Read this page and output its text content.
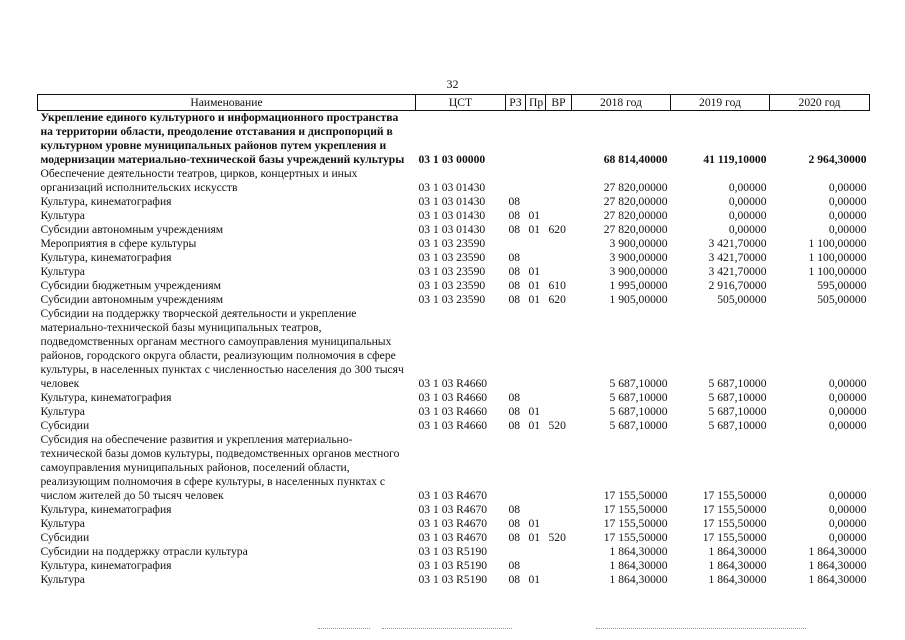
32
Наименование	ЦСТ	РЗ	Пр	ВР	2018 год	2019 год	2020 год
Укрепление единого культурного и информационного пространства на территории области, преодоление отставания и диспропорций в культурном уровне муниципальных районов путем укрепления и модернизации материально-технической базы учреждений культуры	03 1 03 00000				68 814,40000	41 119,10000	2 964,30000
Обеспечение деятельности театров, цирков, концертных и иных организаций исполнительских искусств	03 1 03 01430				27 820,00000	0,00000	0,00000
Культура, кинематография	03 1 03 01430	08			27 820,00000	0,00000	0,00000
Культура	03 1 03 01430	08	01		27 820,00000	0,00000	0,00000
Субсидии автономным учреждениям	03 1 03 01430	08	01	620	27 820,00000	0,00000	0,00000
Мероприятия в сфере культуры	03 1 03 23590				3 900,00000	3 421,70000	1 100,00000
Культура, кинематография	03 1 03 23590	08			3 900,00000	3 421,70000	1 100,00000
Культура	03 1 03 23590	08	01		3 900,00000	3 421,70000	1 100,00000
Субсидии бюджетным учреждениям	03 1 03 23590	08	01	610	1 995,00000	2 916,70000	595,00000
Субсидии автономным учреждениям	03 1 03 23590	08	01	620	1 905,00000	505,00000	505,00000
Субсидии на поддержку творческой деятельности и укрепление материально-технической базы муниципальных театров, подведомственных органам местного самоуправления муниципальных районов, городского округа области, реализующим полномочия в сфере культуры, в населенных пунктах с численностью населения до 300 тысяч человек	03 1 03 R4660				5 687,10000	5 687,10000	0,00000
Культура, кинематография	03 1 03 R4660	08			5 687,10000	5 687,10000	0,00000
Культура	03 1 03 R4660	08	01		5 687,10000	5 687,10000	0,00000
Субсидии	03 1 03 R4660	08	01	520	5 687,10000	5 687,10000	0,00000
Субсидия на обеспечение развития и укрепления материально-технической базы домов культуры, подведомственных органов местного самоуправления муниципальных районов, поселений области, реализующим полномочия в сфере культуры, в населенных пунктах с числом жителей до 50 тысяч человек	03 1 03 R4670				17 155,50000	17 155,50000	0,00000
Культура, кинематография	03 1 03 R4670	08			17 155,50000	17 155,50000	0,00000
Культура	03 1 03 R4670	08	01		17 155,50000	17 155,50000	0,00000
Субсидии	03 1 03 R4670	08	01	520	17 155,50000	17 155,50000	0,00000
Субсидии на поддержку отрасли культура	03 1 03 R5190				1 864,30000	1 864,30000	1 864,30000
Культура, кинематография	03 1 03 R5190	08			1 864,30000	1 864,30000	1 864,30000
Культура	03 1 03 R5190	08	01		1 864,30000	1 864,30000	1 864,30000
